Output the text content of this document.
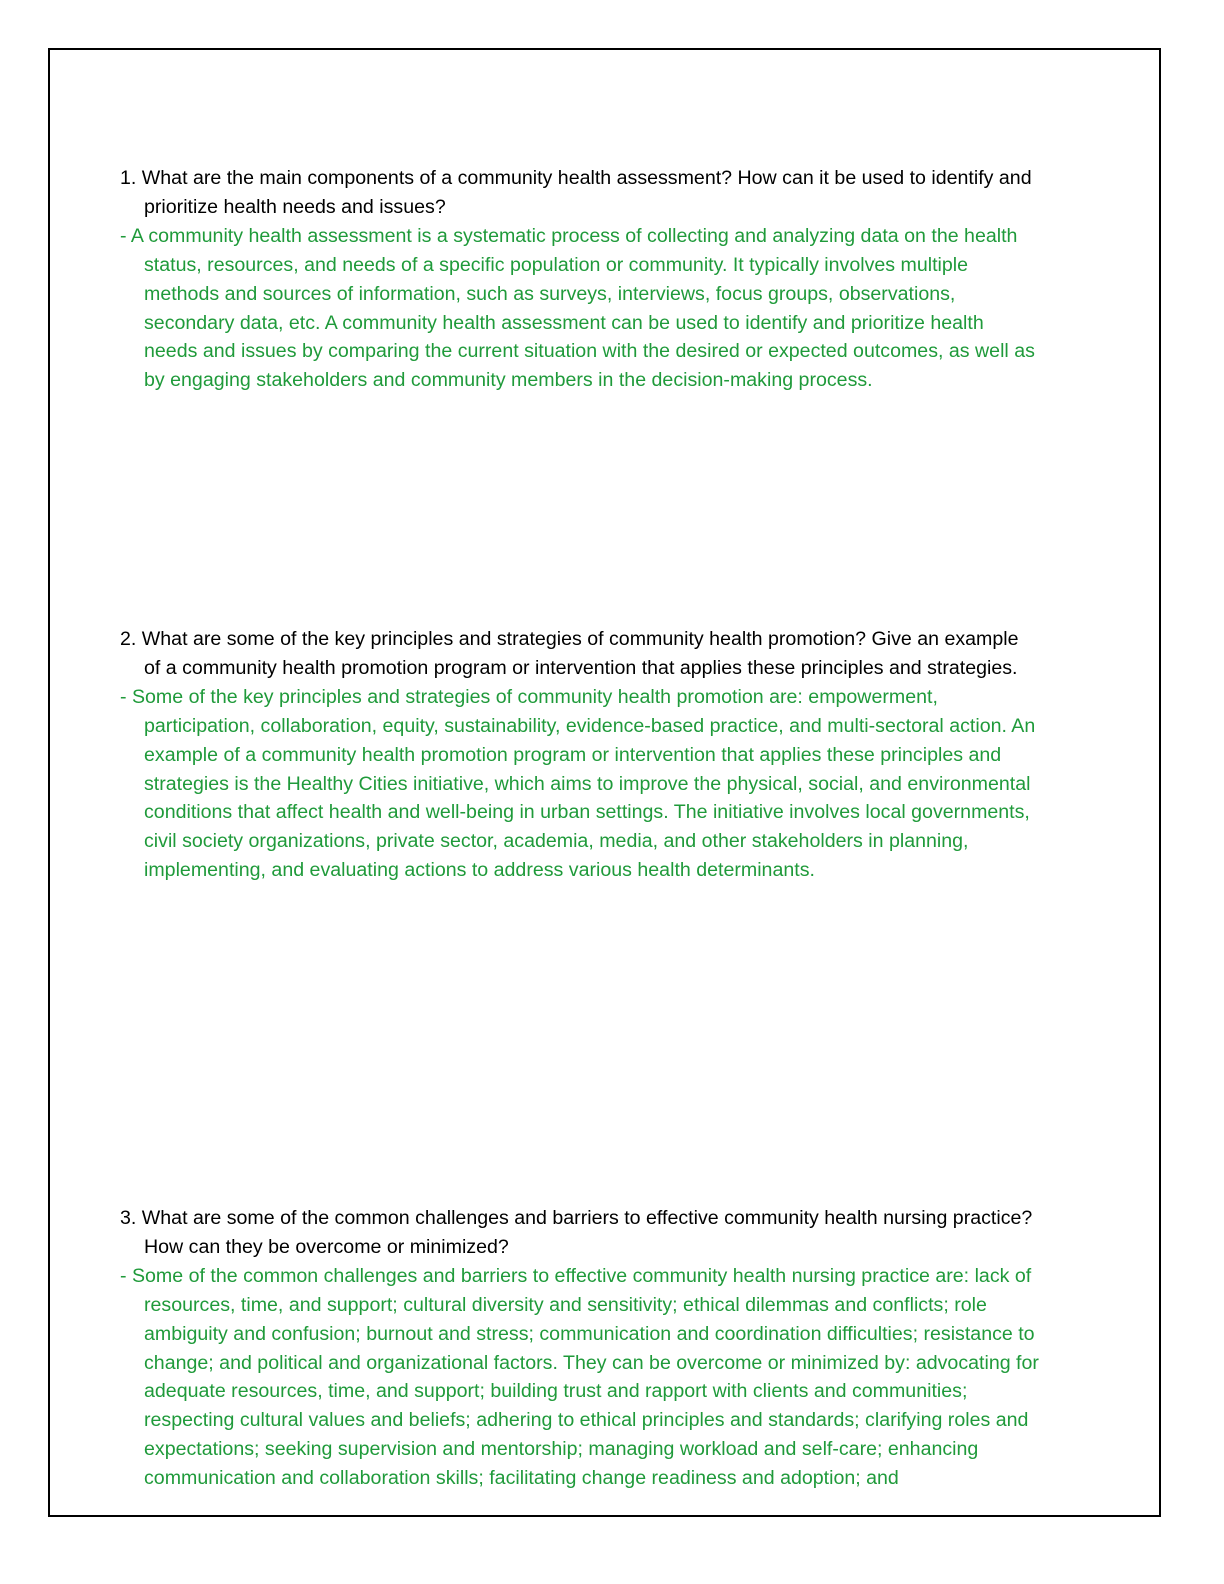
1. What are the main components of a community health assessment? How can it be used to identify and prioritize health needs and issues?

- A community health assessment is a systematic process of collecting and analyzing data on the health status, resources, and needs of a specific population or community. It typically involves multiple methods and sources of information, such as surveys, interviews, focus groups, observations, secondary data, etc. A community health assessment can be used to identify and prioritize health needs and issues by comparing the current situation with the desired or expected outcomes, as well as by engaging stakeholders and community members in the decision-making process.

2. What are some of the key principles and strategies of community health promotion? Give an example of a community health promotion program or intervention that applies these principles and strategies.

- Some of the key principles and strategies of community health promotion are: empowerment, participation, collaboration, equity, sustainability, evidence-based practice, and multi-sectoral action. An example of a community health promotion program or intervention that applies these principles and strategies is the Healthy Cities initiative, which aims to improve the physical, social, and environmental conditions that affect health and well-being in urban settings. The initiative involves local governments, civil society organizations, private sector, academia, media, and other stakeholders in planning, implementing, and evaluating actions to address various health determinants.

3. What are some of the common challenges and barriers to effective community health nursing practice? How can they be overcome or minimized?

- Some of the common challenges and barriers to effective community health nursing practice are: lack of resources, time, and support; cultural diversity and sensitivity; ethical dilemmas and conflicts; role ambiguity and confusion; burnout and stress; communication and coordination difficulties; resistance to change; and political and organizational factors. They can be overcome or minimized by: advocating for adequate resources, time, and support; building trust and rapport with clients and communities; respecting cultural values and beliefs; adhering to ethical principles and standards; clarifying roles and expectations; seeking supervision and mentorship; managing workload and self-care; enhancing communication and collaboration skills; facilitating change readiness and adoption; and
